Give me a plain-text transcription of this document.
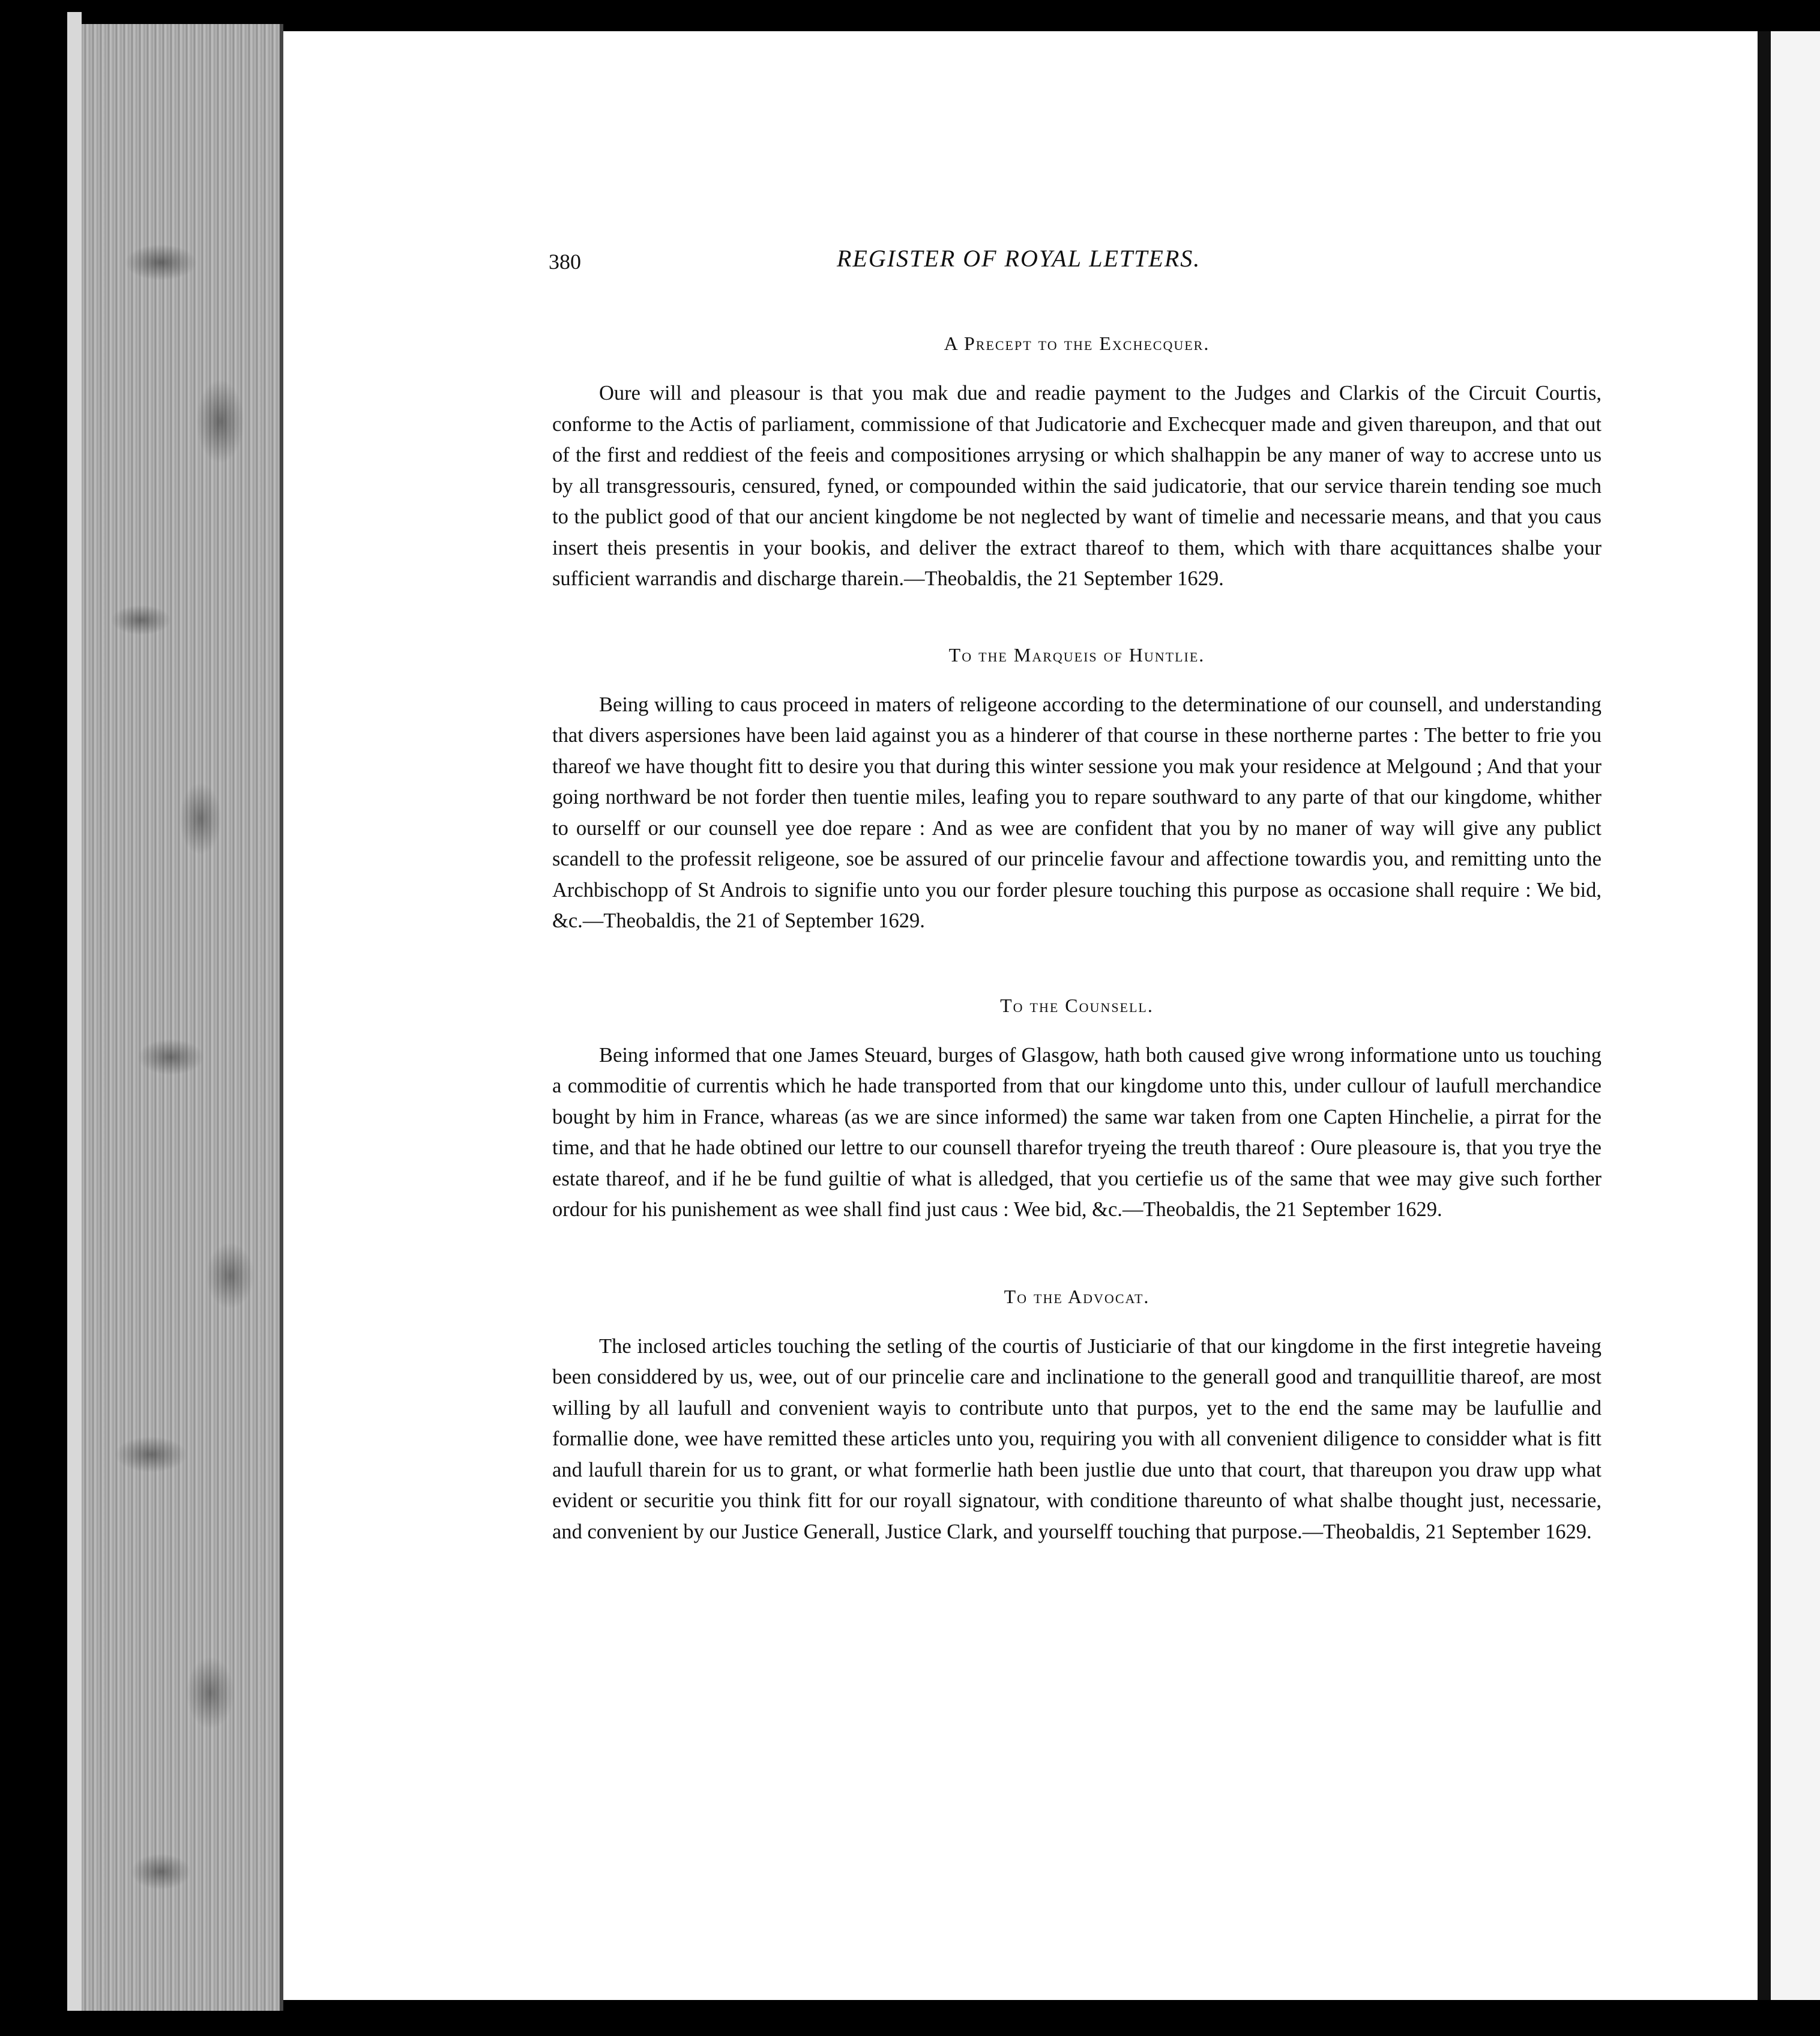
380	REGISTER OF ROYAL LETTERS.
A Precept to the Exchecquer.

Oure will and pleasour is that you mak due and readie payment to the Judges and Clarkis of the Circuit Courtis, conforme to the Actis of parliament, commissione of that Judicatorie and Exchecquer made and given thareupon, and that out of the first and reddiest of the feeis and compositiones arrysing or which shalhappin be any maner of way to accrese unto us by all transgressouris, censured, fyned, or compounded within the said judicatorie, that our service tharein tending soe much to the publict good of that our ancient kingdome be not neglected by want of timelie and necessarie means, and that you caus insert theis presentis in your bookis, and deliver the extract thareof to them, which with thare acquittances shalbe your sufficient warrandis and discharge tharein.—Theobaldis, the 21 September 1629.

To the Marqueis of Huntlie.

Being willing to caus proceed in maters of religeone according to the determinatione of our counsell, and understanding that divers aspersiones have been laid against you as a hinderer of that course in these northerne partes : The better to frie you thareof we have thought fitt to desire you that during this winter sessione you mak your residence at Melgound ; And that your going northward be not forder then tuentie miles, leafing you to repare southward to any parte of that our kingdome, whither to ourselff or our counsell yee doe repare : And as wee are confident that you by no maner of way will give any publict scandell to the professit religeone, soe be assured of our princelie favour and affectione towardis you, and remitting unto the Archbischopp of St Androis to signifie unto you our forder plesure touching this purpose as occasione shall require : We bid, &c.—Theobaldis, the 21 of September 1629.

To the Counsell.

Being informed that one James Steuard, burges of Glasgow, hath both caused give wrong informatione unto us touching a commoditie of currentis which he hade transported from that our kingdome unto this, under cullour of laufull merchandice bought by him in France, whareas (as we are since informed) the same war taken from one Capten Hinchelie, a pirrat for the time, and that he hade obtined our lettre to our counsell tharefor tryeing the treuth thareof : Oure pleasoure is, that you trye the estate thareof, and if he be fund guiltie of what is alledged, that you certiefie us of the same that wee may give such forther ordour for his punishement as wee shall find just caus : Wee bid, &c.—Theobaldis, the 21 September 1629.

To the Advocat.

The inclosed articles touching the setling of the courtis of Justiciarie of that our kingdome in the first integretie haveing been considdered by us, wee, out of our princelie care and inclinatione to the generall good and tranquillitie thareof, are most willing by all laufull and convenient wayis to contribute unto that purpos, yet to the end the same may be laufullie and formallie done, wee have remitted these articles unto you, requiring you with all convenient diligence to considder what is fitt and laufull tharein for us to grant, or what formerlie hath been justlie due unto that court, that thareupon you draw upp what evident or securitie you think fitt for our royall signatour, with conditione thareunto of what shalbe thought just, necessarie, and convenient by our Justice Generall, Justice Clark, and yourselff touching that purpose.—Theobaldis, 21 September 1629.
